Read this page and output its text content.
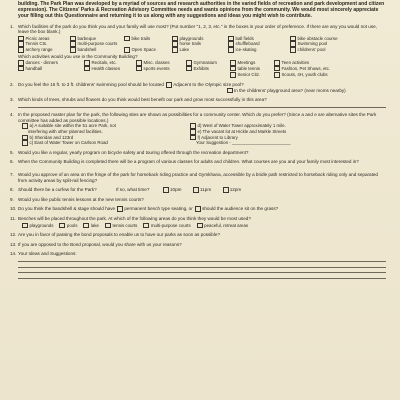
building. The Park Plan was developed by a myriad of sources and research authorities in the varied fields of recreation and park development and citizen expression). The Citizens' Parks & Recreation Advisory Committee needs and wants opinions from the community. We would most sincerely appreciate your filling out this Questionnaire and returning it to us along with any suggestions and ideas you might wish to contribute.

1. Which facilities of the park do you think you and your family will use most? (Put number "1, 2, 3, etc." in the boxes in your order of preference. If there are any you would not use, leave the box blank.)

Picnic areas	barbeque	bike trails	playgrounds	ball fields	bike obstacle course
Tennis Cts.	multi-purpose courts	horse trails	shuffleboard	Swimming pool
archery range	bandshell	Open Space	Lake	ice-skating	childrens' pool

Which activities would you use in the Community Building?

dances - dinners	Recitals, etc.	Misc. classes	Gymnasium	Meetings	Teen activities
handball	Health classes	sports events	Exhibits	table tennis	Fashion, Pet Shows, etc.
Senior Citz.	Scouts, 4H, youth clubs

2. Do you feel the 15 ft. to 3 ft. childrens' swimming pool should be located Adjacent to the Olympic size pool?

In the childrens' playground area? (near moms nearby)

3. Which kinds of trees, shrubs and flowers do you think would best benefit our park and grow most successfully in this area?

4. In the proposed master plan for the park, the following sites are shown as possibilities for a community center. Which do you prefer? (Since a and e are alternative sites the Park committee has added as possible locations.)

a) A suitable site within the 51 acre Park, not
interfering with other planned facilities.
b) Sheridan and 123rd
c) East of Water Tower on Carlson Road
d) West of Water Tower approximately 1 mile.
e) The vacant lot at Hickle and Markle Streets
f) Adjacent to Library
Your Suggestion - ________________________

5. Would you like a regular, yearly program on bicycle safety and touring offered through the recreation department?

6. When the Community Building is completed there will be a program of various classes for adults and children. What courses are you and your family most interested in?

7. Would you approve of an area on the fringe of the park for horseback riding practice and Gymkhana, accessible by a bridle path restricted to horseback riding only and separated from activity areas by split-rail fencing?

8. Should there be a curfew for the Park?	If so, what time?	10pm	11pm	12pm

9. Would you like public tennis lessons at the new tennis courts?

10. Do you think the bandshell & stage should have permanent bench type seating, or should the audience sit on the grass?

11. Benches will be placed throughout the park. At which of the following areas do you think they would be most used?

playgrounds	pools	lake	tennis courts	multi-purpose courts	peaceful, retreat areas

12. Are you in favor of passing the bond proposals to enable us to have our parks as soon as possible?

13. If you are opposed to the Bond proposal, would you share with us your reasons?

14. Your Ideas and Suggestions:
